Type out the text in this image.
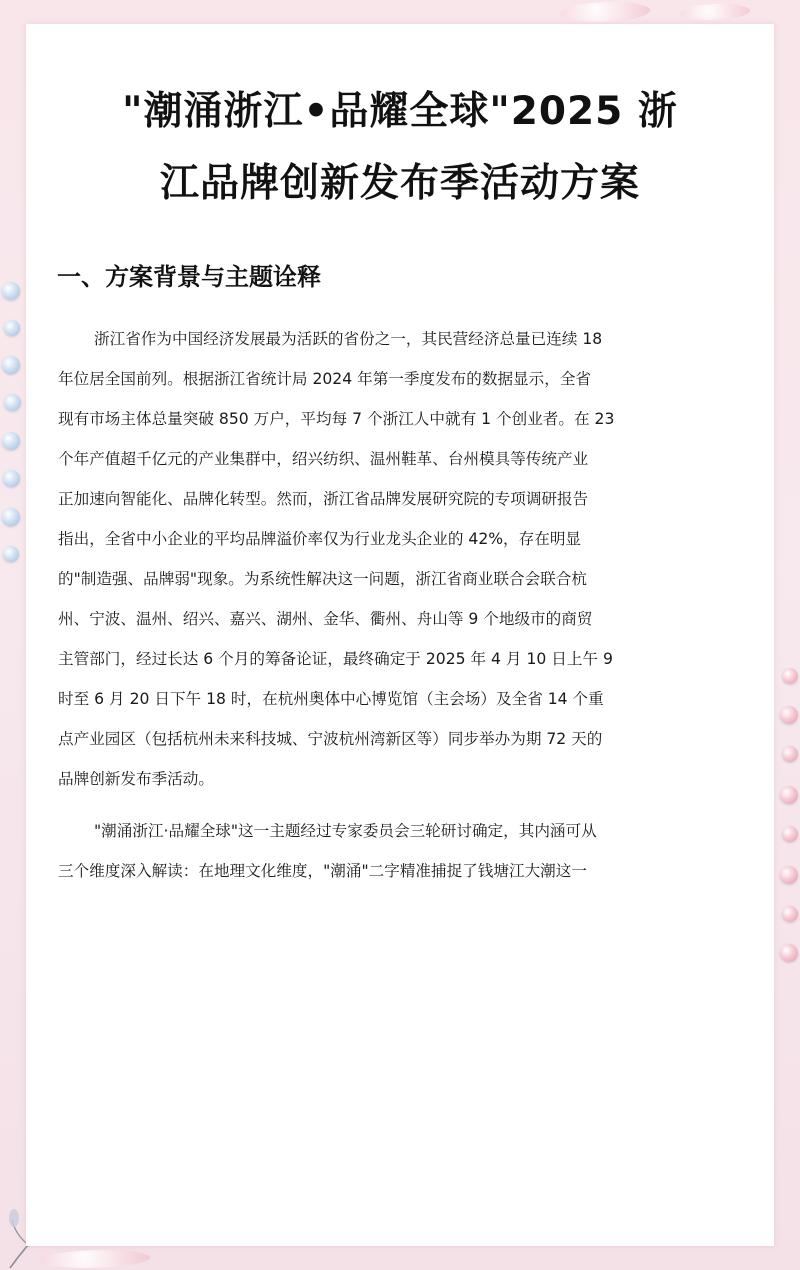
"潮涌浙江•品耀全球"2025 浙
江品牌创新发布季活动方案
一、方案背景与主题诠释
浙江省作为中国经济发展最为活跃的省份之一，其民营经济总量已连续 18
年位居全国前列。根据浙江省统计局 2024 年第一季度发布的数据显示，全省
现有市场主体总量突破 850 万户，平均每 7 个浙江人中就有 1 个创业者。在 23
个年产值超千亿元的产业集群中，绍兴纺织、温州鞋革、台州模具等传统产业
正加速向智能化、品牌化转型。然而，浙江省品牌发展研究院的专项调研报告
指出，全省中小企业的平均品牌溢价率仅为行业龙头企业的 42%，存在明显
的"制造强、品牌弱"现象。为系统性解决这一问题，浙江省商业联合会联合杭
州、宁波、温州、绍兴、嘉兴、湖州、金华、衢州、舟山等 9 个地级市的商贸
主管部门，经过长达 6 个月的筹备论证，最终确定于 2025 年 4 月 10 日上午 9
时至 6 月 20 日下午 18 时，在杭州奥体中心博览馆（主会场）及全省 14 个重
点产业园区（包括杭州未来科技城、宁波杭州湾新区等）同步举办为期 72 天的
品牌创新发布季活动。
"潮涌浙江·品耀全球"这一主题经过专家委员会三轮研讨确定，其内涵可从
三个维度深入解读：在地理文化维度，"潮涌"二字精准捕捉了钱塘江大潮这一
